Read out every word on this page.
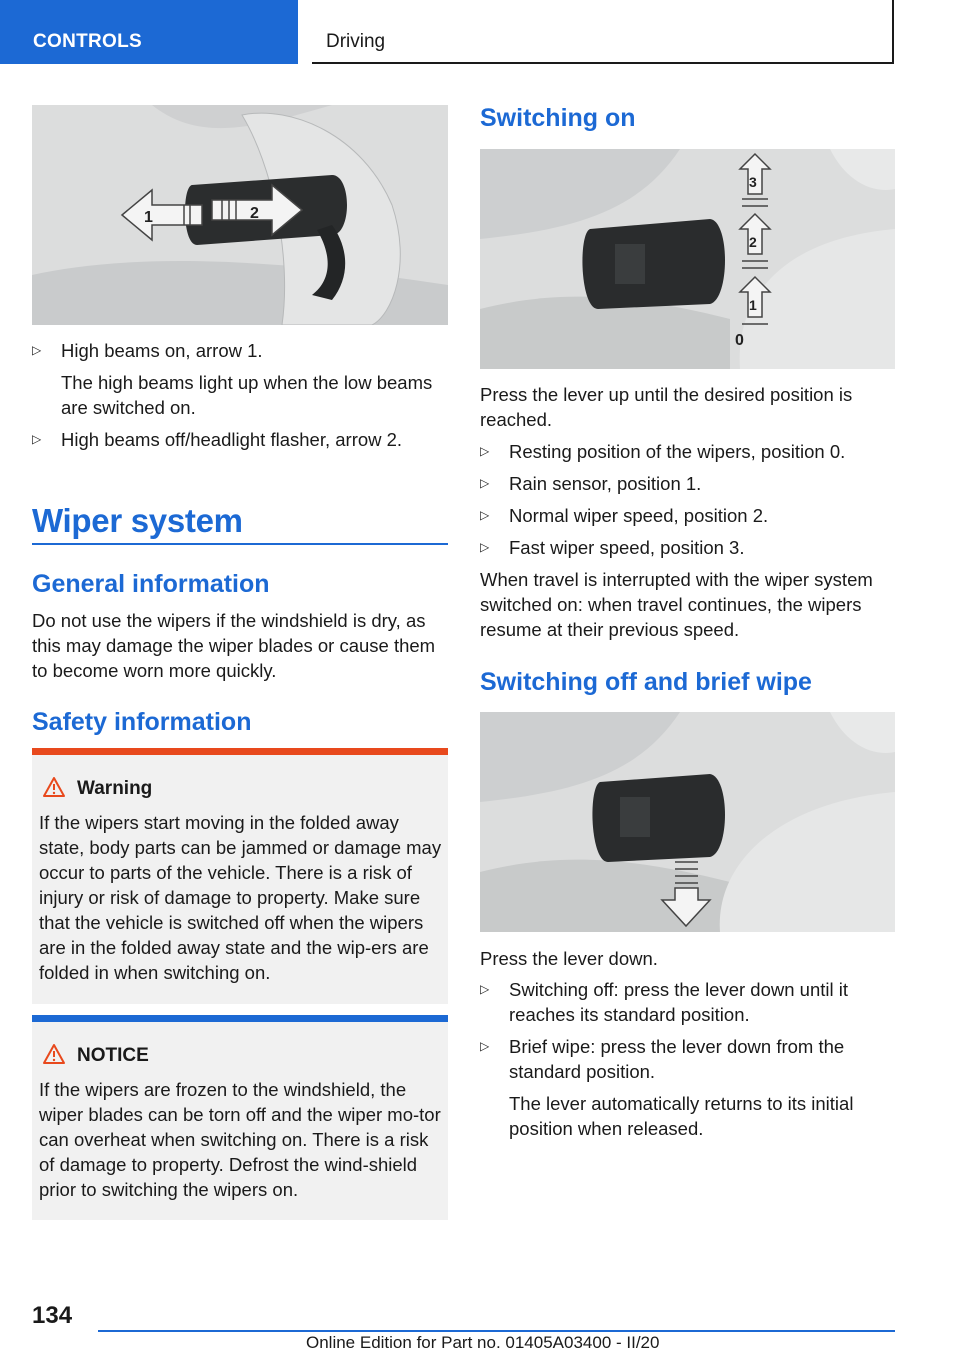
CONTROLS	Driving
1	2
▷ High beams on, arrow 1.
The high beams light up when the low beams are switched on.
▷ High beams off/headlight flasher, arrow 2.
Wiper system
General information

Do not use the wipers if the windshield is dry, as this may damage the wiper blades or cause them to become worn more quickly.

Safety information
Warning

If the wipers start moving in the folded away state, body parts can be jammed or damage may occur to parts of the vehicle. There is a risk of injury or risk of damage to property. Make sure that the vehicle is switched off when the wipers are in the folded away state and the wip-ers are folded in when switching on.

NOTICE

If the wipers are frozen to the windshield, the wiper blades can be torn off and the wiper mo-tor can overheat when switching on. There is a risk of damage to property. Defrost the wind-shield prior to switching the wipers on.

Switching on
3
2
1
0

Press the lever up until the desired position is reached.

▷ Resting position of the wipers, position 0.
▷ Rain sensor, position 1.
▷ Normal wiper speed, position 2.
▷ Fast wiper speed, position 3.

When travel is interrupted with the wiper system switched on: when travel continues, the wipers resume at their previous speed.

Switching off and brief wipe

Press the lever down.

▷ Switching off: press the lever down until it reaches its standard position.
▷ Brief wipe: press the lever down from the standard position.
The lever automatically returns to its initial position when released.
134
Online Edition for Part no. 01405A03400 - II/20
